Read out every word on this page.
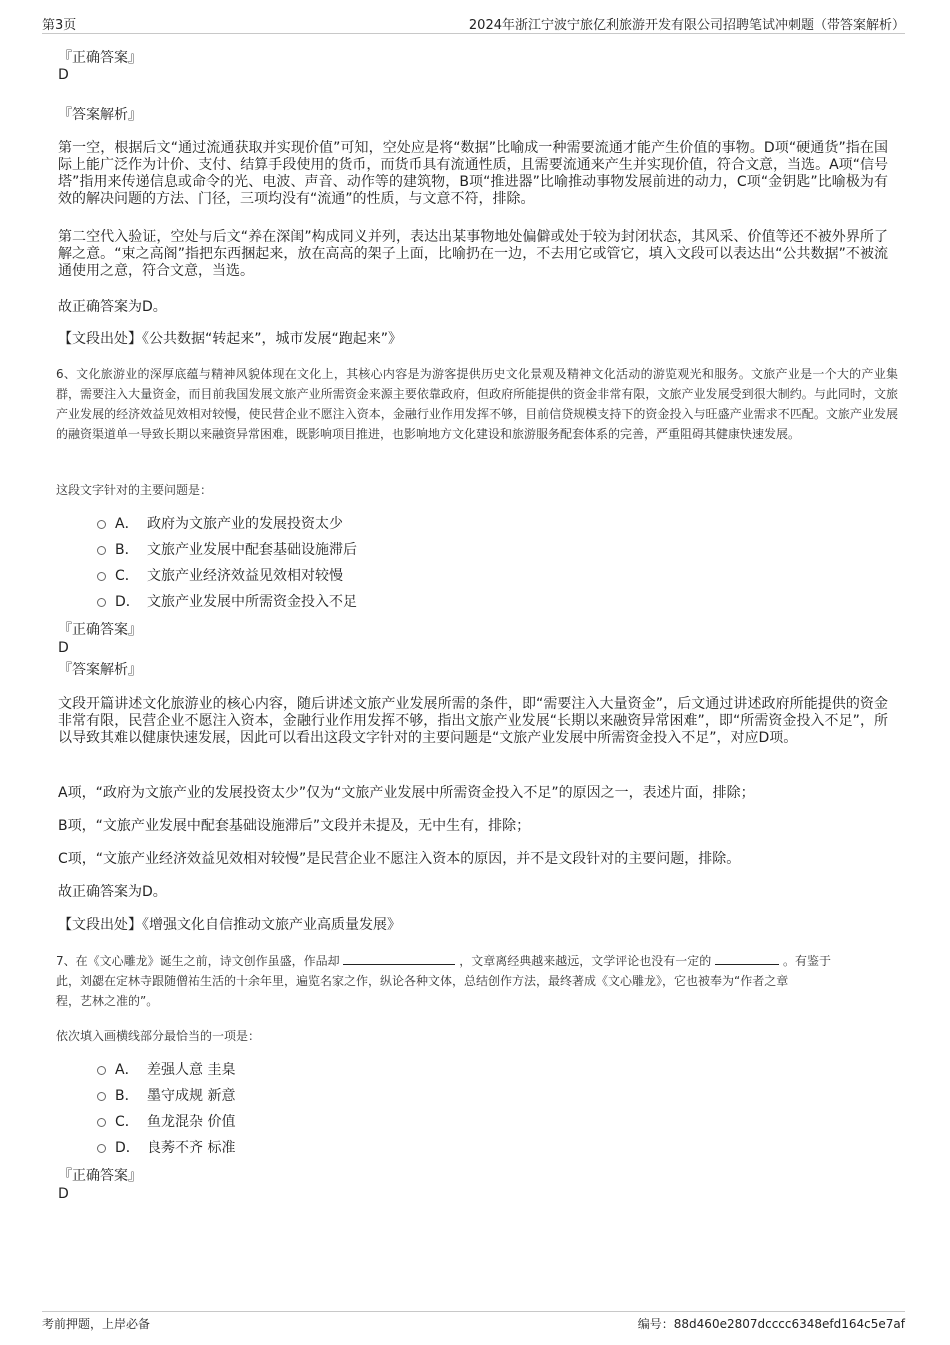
第3页	2024年浙江宁波宁旅亿利旅游开发有限公司招聘笔试冲刺题（带答案解析）
『正确答案』
D
『答案解析』
第一空，根据后文“通过流通获取并实现价值”可知，空处应是将“数据”比喻成一种需要流通才能产生价值的事物。D项“硬通货”指在国际上能广泛作为计价、支付、结算手段使用的货币，而货币具有流通性质，且需要流通来产生并实现价值，符合文意，当选。A项“信号塔”指用来传递信息或命令的光、电波、声音、动作等的建筑物，B项“推进器”比喻推动事物发展前进的动力，C项“金钥匙”比喻极为有效的解决问题的方法、门径，三项均没有“流通”的性质，与文意不符，排除。
第二空代入验证，空处与后文“养在深闺”构成同义并列，表达出某事物地处偏僻或处于较为封闭状态，其风采、价值等还不被外界所了解之意。“束之高阁”指把东西捆起来，放在高高的架子上面，比喻扔在一边，不去用它或管它，填入文段可以表达出“公共数据”不被流通使用之意，符合文意，当选。
故正确答案为D。
【文段出处】《公共数据“转起来”，城市发展“跑起来”》
6、文化旅游业的深厚底蕴与精神风貌体现在文化上，其核心内容是为游客提供历史文化景观及精神文化活动的游览观光和服务。文旅产业是一个大的产业集群，需要注入大量资金，而目前我国发展文旅产业所需资金来源主要依靠政府，但政府所能提供的资金非常有限，文旅产业发展受到很大制约。与此同时，文旅产业发展的经济效益见效相对较慢，使民营企业不愿注入资本，金融行业作用发挥不够，目前信贷规模支持下的资金投入与旺盛产业需求不匹配。文旅产业发展的融资渠道单一导致长期以来融资异常困难，既影响项目推进，也影响地方文化建设和旅游服务配套体系的完善，严重阻碍其健康快速发展。
这段文字针对的主要问题是：
A． 政府为文旅产业的发展投资太少
B． 文旅产业发展中配套基础设施滞后
C． 文旅产业经济效益见效相对较慢
D． 文旅产业发展中所需资金投入不足
『正确答案』
D
『答案解析』
文段开篇讲述文化旅游业的核心内容，随后讲述文旅产业发展所需的条件，即“需要注入大量资金”，后文通过讲述政府所能提供的资金非常有限，民营企业不愿注入资本，金融行业作用发挥不够，指出文旅产业发展“长期以来融资异常困难”，即“所需资金投入不足”，所以导致其难以健康快速发展，因此可以看出这段文字针对的主要问题是“文旅产业发展中所需资金投入不足”，对应D项。
A项，“政府为文旅产业的发展投资太少”仅为“文旅产业发展中所需资金投入不足”的原因之一，表述片面，排除；
B项，“文旅产业发展中配套基础设施滞后”文段并未提及，无中生有，排除；
C项，“文旅产业经济效益见效相对较慢”是民营企业不愿注入资本的原因，并不是文段针对的主要问题，排除。
故正确答案为D。
【文段出处】《增强文化自信推动文旅产业高质量发展》
7、在《文心雕龙》诞生之前，诗文创作虽盛，作品却	，文章离经典越来越远，文学评论也没有一定的	。有鉴于
此，刘勰在定林寺跟随僧祐生活的十余年里，遍览名家之作，纵论各种文体，总结创作方法，最终著成《文心雕龙》，它也被奉为“作者之章
程，艺林之准的”。
依次填入画横线部分最恰当的一项是：
A． 差强人意 圭臬
B． 墨守成规 新意
C． 鱼龙混杂 价值
D． 良莠不齐 标准
『正确答案』
D
考前押题，上岸必备	编号：88d460e2807dcccc6348efd164c5e7af
